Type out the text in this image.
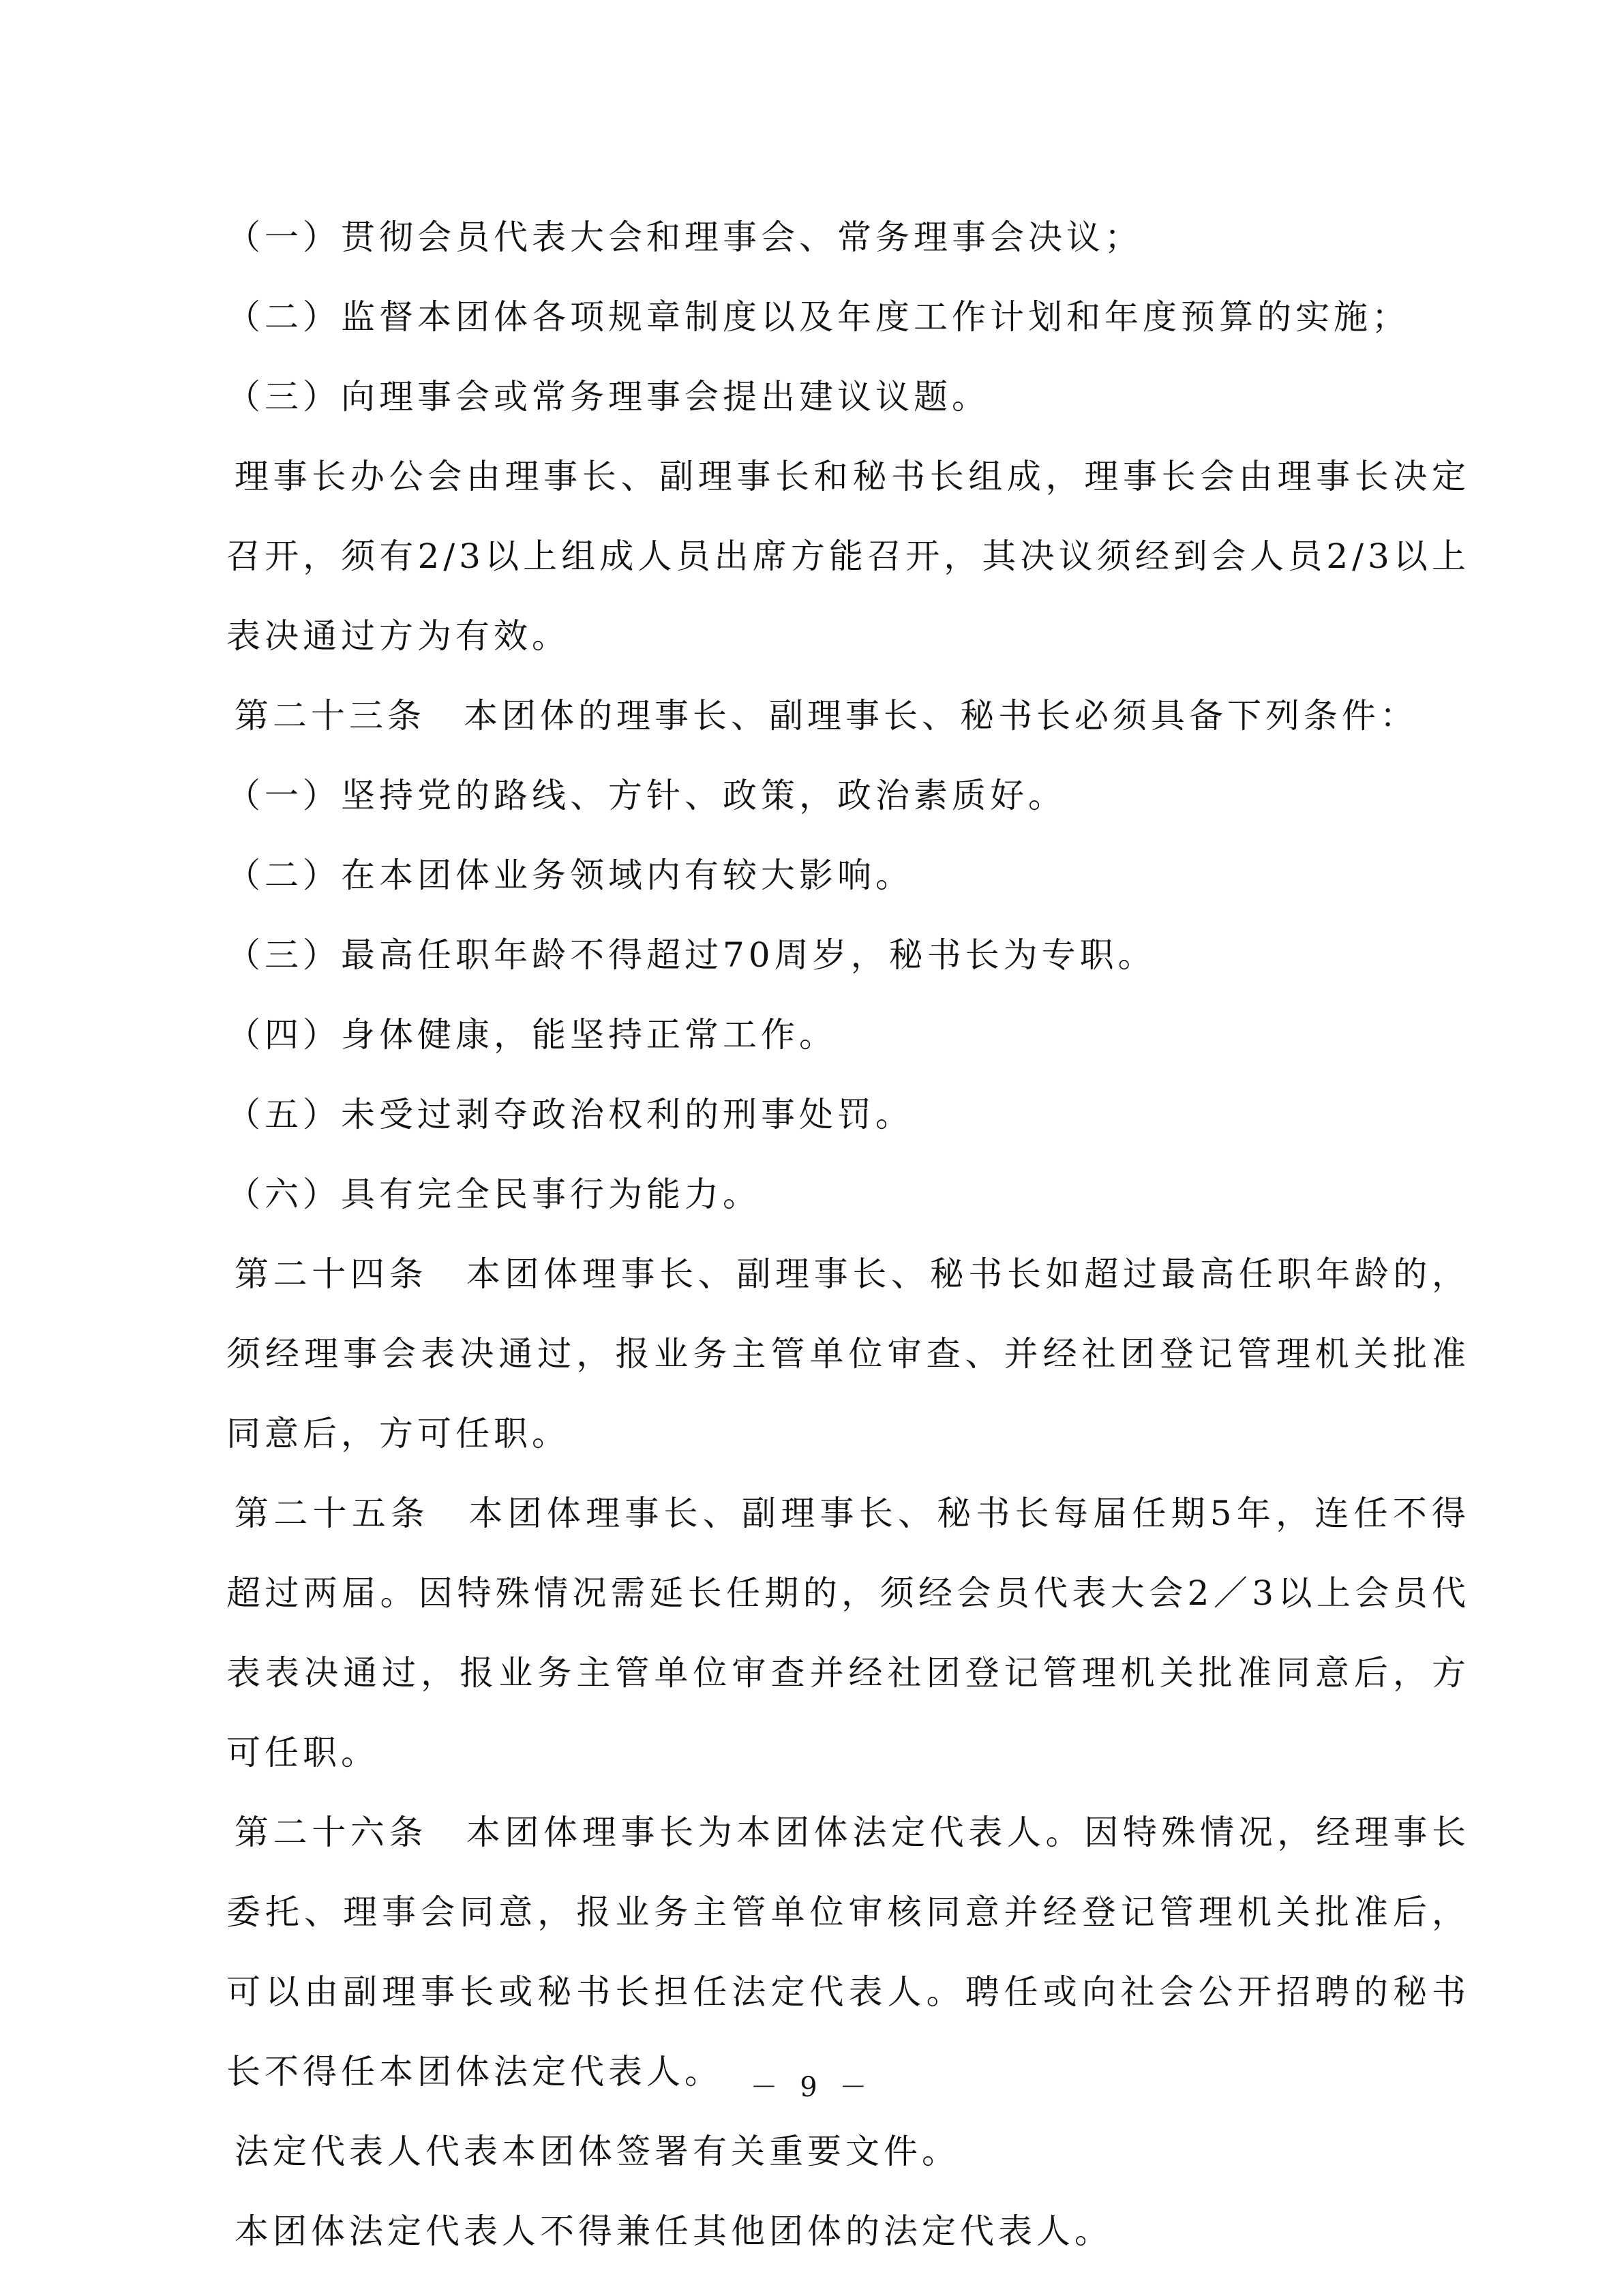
（一）贯彻会员代表大会和理事会、常务理事会决议；

（二）监督本团体各项规章制度以及年度工作计划和年度预算的实施；

（三）向理事会或常务理事会提出建议议题。

理事长办公会由理事长、副理事长和秘书长组成，理事长会由理事长决定召开，须有2/3以上组成人员出席方能召开，其决议须经到会人员2/3以上表决通过方为有效。

第二十三条　本团体的理事长、副理事长、秘书长必须具备下列条件：

（一）坚持党的路线、方针、政策，政治素质好。

（二）在本团体业务领域内有较大影响。

（三）最高任职年龄不得超过70周岁，秘书长为专职。

（四）身体健康，能坚持正常工作。

（五）未受过剥夺政治权利的刑事处罚。

（六）具有完全民事行为能力。

第二十四条　本团体理事长、副理事长、秘书长如超过最高任职年龄的，须经理事会表决通过，报业务主管单位审查、并经社团登记管理机关批准同意后，方可任职。

第二十五条　本团体理事长、副理事长、秘书长每届任期5年，连任不得超过两届。因特殊情况需延长任期的，须经会员代表大会2／3以上会员代表表决通过，报业务主管单位审查并经社团登记管理机关批准同意后，方可任职。

第二十六条　本团体理事长为本团体法定代表人。因特殊情况，经理事长委托、理事会同意，报业务主管单位审核同意并经登记管理机关批准后，可以由副理事长或秘书长担任法定代表人。聘任或向社会公开招聘的秘书长不得任本团体法定代表人。

法定代表人代表本团体签署有关重要文件。

本团体法定代表人不得兼任其他团体的法定代表人。

－ 9 －
